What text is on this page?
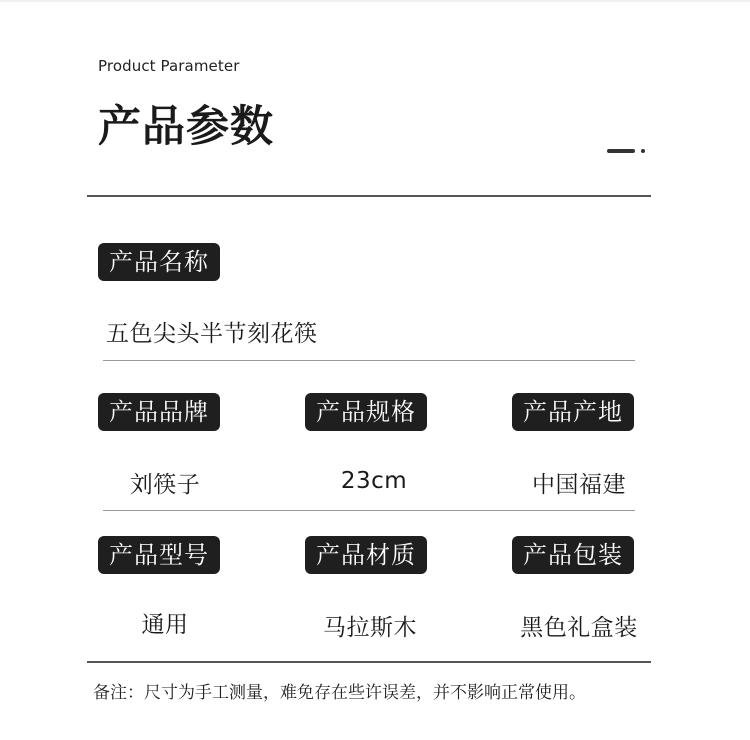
Product Parameter
产品参数
产品名称
五色尖头半节刻花筷
产品品牌	产品规格	产品产地
刘筷子	23cm	中国福建
产品型号	产品材质	产品包装
通用	马拉斯木	黑色礼盒装
备注：尺寸为手工测量，难免存在些许误差，并不影响正常使用。
